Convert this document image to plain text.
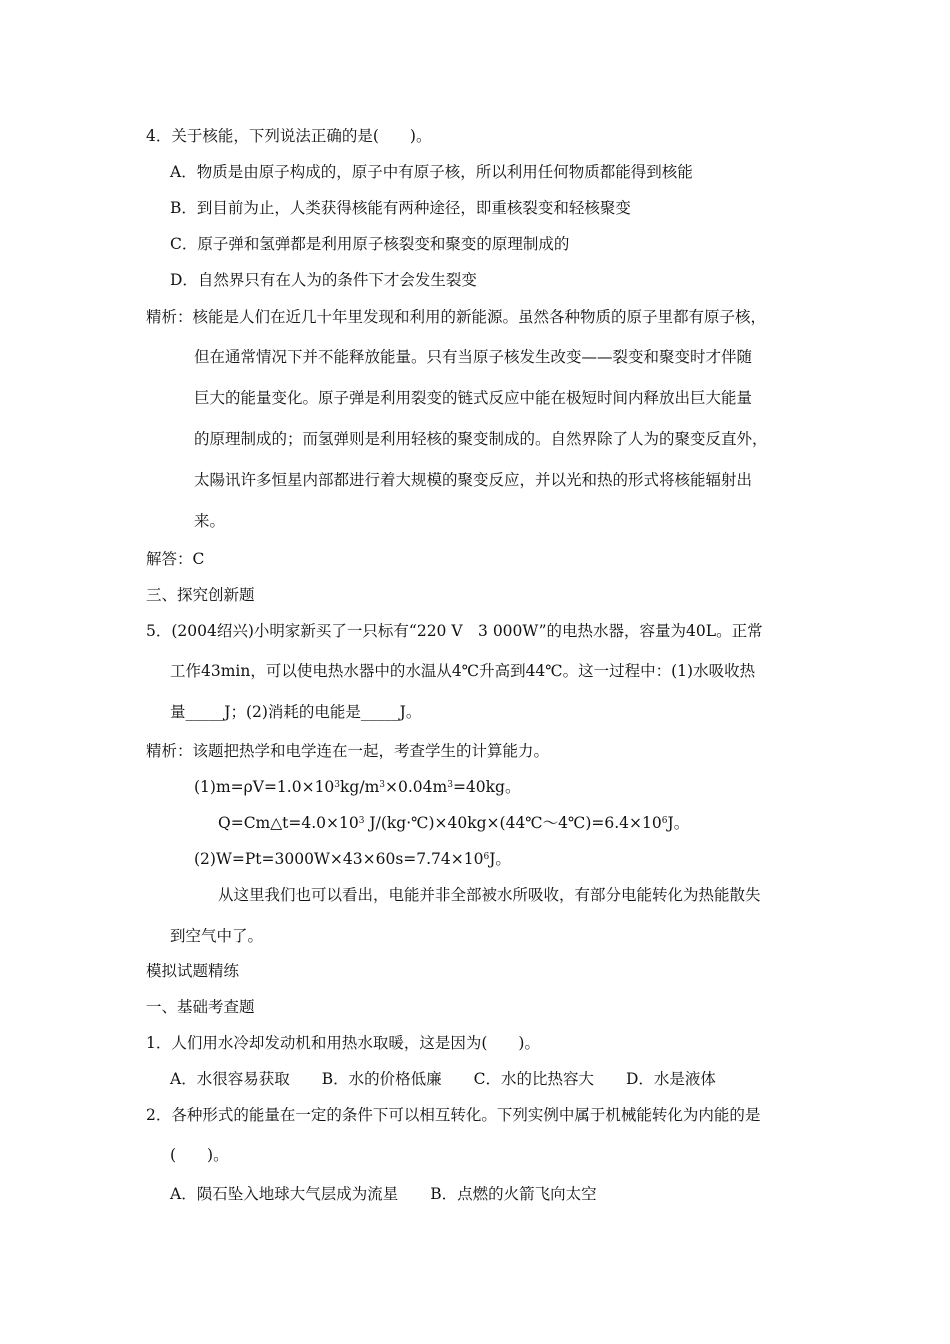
4．关于核能，下列说法正确的是(　　)。
A．物质是由原子构成的，原子中有原子核，所以利用任何物质都能得到核能
B．到目前为止，人类获得核能有两种途径，即重核裂变和轻核聚变
C．原子弹和氢弹都是利用原子核裂变和聚变的原理制成的
D．自然界只有在人为的条件下才会发生裂变
精析：核能是人们在近几十年里发现和利用的新能源。虽然各种物质的原子里都有原子核，
但在通常情况下并不能释放能量。只有当原子核发生改变——裂变和聚变时才伴随
巨大的能量变化。原子弹是利用裂变的链式反应中能在极短时间内释放出巨大能量
的原理制成的；而氢弹则是利用轻核的聚变制成的。自然界除了人为的聚变反直外，
太陽讯许多恒星内部都进行着大规模的聚变反应，并以光和热的形式将核能辐射出
来。
解答：C
三、探究创新题
5．(2004绍兴)小明家新买了一只标有“220 V　3 000W”的电热水器，容量为40L。正常
工作43min，可以使电热水器中的水温从4℃升高到44℃。这一过程中：(1)水吸收热
量_____J；(2)消耗的电能是_____J。
精析：该题把热学和电学连在一起，考查学生的计算能力。
$(1)m=\rho V=1.0\times 10^3kg/m^3\times 0.04m^3=40kg$。
$Q=Cm\triangle t=4.0\times 10^3$ $J/(kg\cdot℃)\times 40kg\times(44℃\sim 4℃)=6.4\times 10^6J$。
$(2)W=Pt=3000W\times 43\times 60s=7.74\times 10^6J$。
从这里我们也可以看出，电能并非全部被水所吸收，有部分电能转化为热能散失
到空气中了。
模拟试题精练
一、基础考查题
1．人们用水冷却发动机和用热水取暖，这是因为(　　)。
A．水很容易获取 B．水的价格低廉 C．水的比热容大 D．水是液体
2．各种形式的能量在一定的条件下可以相互转化。下列实例中属于机械能转化为内能的是
(　　)。
A．陨石坠入地球大气层成为流星 B．点燃的火箭飞向太空
